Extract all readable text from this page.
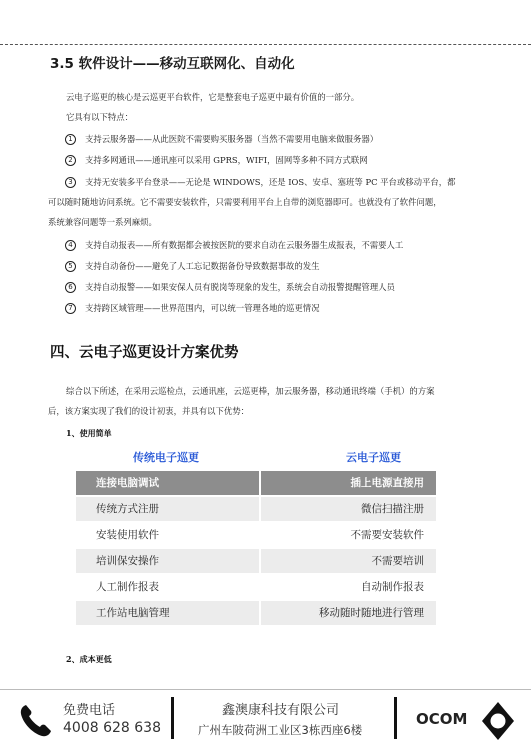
3.5 软件设计——移动互联网化、自动化
云电子巡更的核心是云巡更平台软件，它是整套电子巡更中最有价值的一部分。
它具有以下特点：
1	支持云服务器——从此医院不需要购买服务器（当然不需要用电脑来做服务器）
2	支持多网通讯——通讯座可以采用 GPRS，WIFI，固网等多种不同方式联网
3	支持无安装多平台登录——无论是 WINDOWS，还是 IOS、安卓、塞班等 PC 平台或移动平台，都
可以随时随地访问系统。它不需要安装软件，只需要利用平台上自带的浏览器即可。也就没有了软件问题，
系统兼容问题等一系列麻烦。
4	支持自动报表——所有数据都会被按医院的要求自动在云服务器生成报表，不需要人工
5	支持自动备份——避免了人工忘记数据备份导致数据事故的发生
6	支持自动报警——如果安保人员有脱岗等现象的发生，系统会自动报警提醒管理人员
7	支持跨区域管理——世界范围内，可以统一管理各地的巡更情况
四、云电子巡更设计方案优势
综合以下所述，在采用云巡检点，云通讯座，云巡更棒，加云服务器，移动通讯终端（手机）的方案
后，该方案实现了我们的设计初衷，并具有以下优势：
1、使用简单
传统电子巡更	云电子巡更
连接电脑调试	插上电源直接用
传统方式注册	微信扫描注册
安装使用软件	不需要安装软件
培训保安操作	不需要培训
人工制作报表	自动制作报表
工作站电脑管理	移动随时随地进行管理
2、成本更低
免费电话
4008 628 638
鑫澳康科技有限公司
广州车陂荷洲工业区3栋西座6楼
OCOM
